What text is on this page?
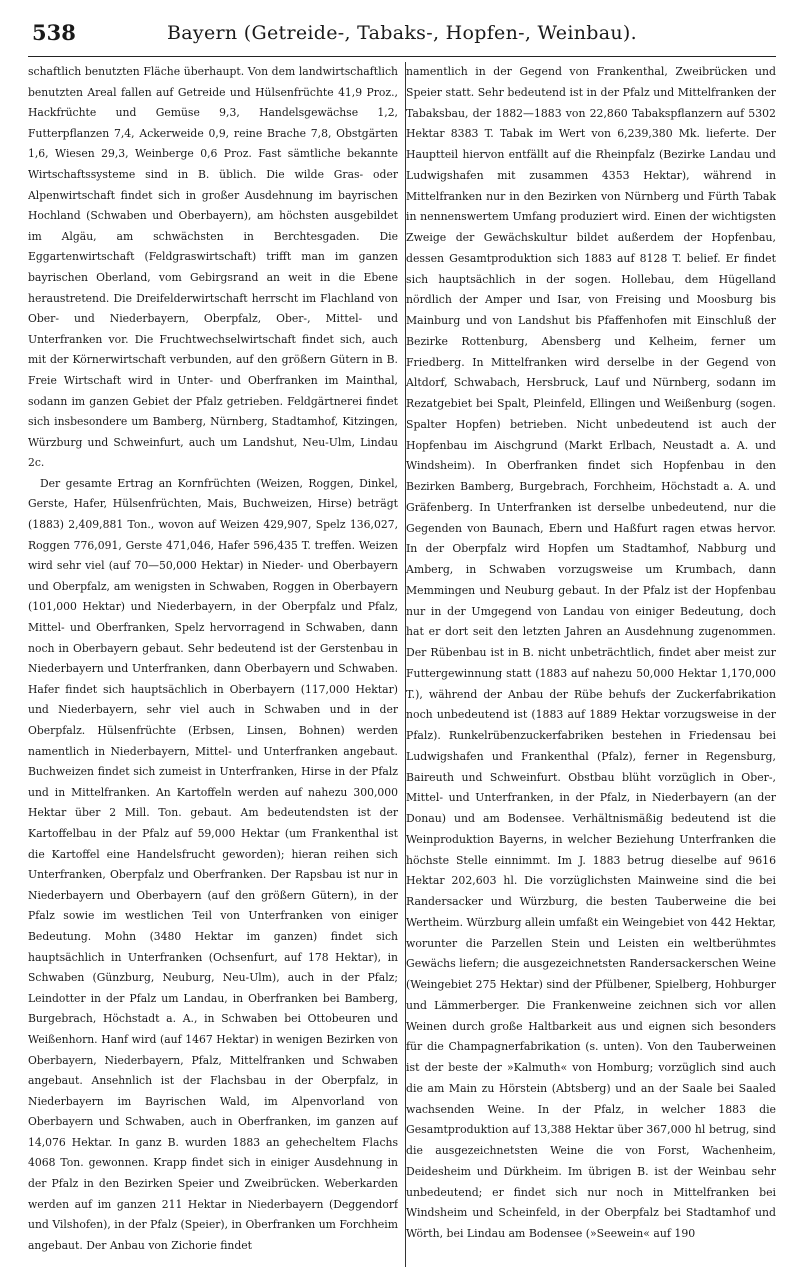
538	Bayern (Getreide-, Tabaks-, Hopfen-, Weinbau).

schaftlich benutzten Fläche überhaupt. Von dem landwirtschaftlich benutzten Areal fallen auf Getreide und Hülsenfrüchte 41,9 Proz., Hackfrüchte und Gemüse 9,3, Handelsgewächse 1,2, Futterpflanzen 7,4, Ackerweide 0,9, reine Brache 7,8, Obstgärten 1,6, Wiesen 29,3, Weinberge 0,6 Proz. Fast sämtliche bekannte Wirtschaftssysteme sind in B. üblich. Die wilde Gras- oder Alpenwirtschaft findet sich in großer Ausdehnung im bayrischen Hochland (Schwaben und Oberbayern), am höchsten ausgebildet im Algäu, am schwächsten in Berchtesgaden. Die Eggartenwirtschaft (Feldgraswirtschaft) trifft man im ganzen bayrischen Oberland, vom Gebirgsrand an weit in die Ebene heraustretend. Die Dreifelderwirtschaft herrscht im Flachland von Ober- und Niederbayern, Oberpfalz, Ober-, Mittel- und Unterfranken vor. Die Fruchtwechselwirtschaft findet sich, auch mit der Körnerwirtschaft verbunden, auf den größern Gütern in B. Freie Wirtschaft wird in Unter- und Oberfranken im Mainthal, sodann im ganzen Gebiet der Pfalz getrieben. Feldgärtnerei findet sich insbesondere um Bamberg, Nürnberg, Stadtamhof, Kitzingen, Würzburg und Schweinfurt, auch um Landshut, Neu-Ulm, Lindau 2c.

Der gesamte Ertrag an Kornfrüchten (Weizen, Roggen, Dinkel, Gerste, Hafer, Hülsenfrüchten, Mais, Buchweizen, Hirse) beträgt (1883) 2,409,881 Ton., wovon auf Weizen 429,907, Spelz 136,027, Roggen 776,091, Gerste 471,046, Hafer 596,435 T. treffen. Weizen wird sehr viel (auf 70—50,000 Hektar) in Nieder- und Oberbayern und Oberpfalz, am wenigsten in Schwaben, Roggen in Oberbayern (101,000 Hektar) und Niederbayern, in der Oberpfalz und Pfalz, Mittel- und Oberfranken, Spelz hervorragend in Schwaben, dann noch in Oberbayern gebaut. Sehr bedeutend ist der Gerstenbau in Niederbayern und Unterfranken, dann Oberbayern und Schwaben. Hafer findet sich hauptsächlich in Oberbayern (117,000 Hektar) und Niederbayern, sehr viel auch in Schwaben und in der Oberpfalz. Hülsenfrüchte (Erbsen, Linsen, Bohnen) werden namentlich in Niederbayern, Mittel- und Unterfranken angebaut. Buchweizen findet sich zumeist in Unterfranken, Hirse in der Pfalz und in Mittelfranken. An Kartoffeln werden auf nahezu 300,000 Hektar über 2 Mill. Ton. gebaut. Am bedeutendsten ist der Kartoffelbau in der Pfalz auf 59,000 Hektar (um Frankenthal ist die Kartoffel eine Handelsfrucht geworden); hieran reihen sich Unterfranken, Oberpfalz und Oberfranken. Der Rapsbau ist nur in Niederbayern und Oberbayern (auf den größern Gütern), in der Pfalz sowie im westlichen Teil von Unterfranken von einiger Bedeutung. Mohn (3480 Hektar im ganzen) findet sich hauptsächlich in Unterfranken (Ochsenfurt, auf 178 Hektar), in Schwaben (Günzburg, Neuburg, Neu-Ulm), auch in der Pfalz; Leindotter in der Pfalz um Landau, in Oberfranken bei Bamberg, Burgebrach, Höchstadt a. A., in Schwaben bei Ottobeuren und Weißenhorn. Hanf wird (auf 1467 Hektar) in wenigen Bezirken von Oberbayern, Niederbayern, Pfalz, Mittelfranken und Schwaben angebaut. Ansehnlich ist der Flachsbau in der Oberpfalz, in Niederbayern im Bayrischen Wald, im Alpenvorland von Oberbayern und Schwaben, auch in Oberfranken, im ganzen auf 14,076 Hektar. In ganz B. wurden 1883 an gehecheltem Flachs 4068 Ton. gewonnen. Krapp findet sich in einiger Ausdehnung in der Pfalz in den Bezirken Speier und Zweibrücken. Weberkarden werden auf im ganzen 211 Hektar in Niederbayern (Deggendorf und Vilshofen), in der Pfalz (Speier), in Oberfranken um Forchheim angebaut. Der Anbau von Zichorie findet

namentlich in der Gegend von Frankenthal, Zweibrücken und Speier statt. Sehr bedeutend ist in der Pfalz und Mittelfranken der Tabaksbau, der 1882—1883 von 22,860 Tabakspflanzern auf 5302 Hektar 8383 T. Tabak im Wert von 6,239,380 Mk. lieferte. Der Hauptteil hiervon entfällt auf die Rheinpfalz (Bezirke Landau und Ludwigshafen mit zusammen 4353 Hektar), während in Mittelfranken nur in den Bezirken von Nürnberg und Fürth Tabak in nennenswertem Umfang produziert wird. Einen der wichtigsten Zweige der Gewächskultur bildet außerdem der Hopfenbau, dessen Gesamtproduktion sich 1883 auf 8128 T. belief. Er findet sich hauptsächlich in der sogen. Hollebau, dem Hügelland nördlich der Amper und Isar, von Freising und Moosburg bis Mainburg und von Landshut bis Pfaffenhofen mit Einschluß der Bezirke Rottenburg, Abensberg und Kelheim, ferner um Friedberg. In Mittelfranken wird derselbe in der Gegend von Altdorf, Schwabach, Hersbruck, Lauf und Nürnberg, sodann im Rezatgebiet bei Spalt, Pleinfeld, Ellingen und Weißenburg (sogen. Spalter Hopfen) betrieben. Nicht unbedeutend ist auch der Hopfenbau im Aischgrund (Markt Erlbach, Neustadt a. A. und Windsheim). In Oberfranken findet sich Hopfenbau in den Bezirken Bamberg, Burgebrach, Forchheim, Höchstadt a. A. und Gräfenberg. In Unterfranken ist derselbe unbedeutend, nur die Gegenden von Baunach, Ebern und Haßfurt ragen etwas hervor. In der Oberpfalz wird Hopfen um Stadtamhof, Nabburg und Amberg, in Schwaben vorzugsweise um Krumbach, dann Memmingen und Neuburg gebaut. In der Pfalz ist der Hopfenbau nur in der Umgegend von Landau von einiger Bedeutung, doch hat er dort seit den letzten Jahren an Ausdehnung zugenommen. Der Rübenbau ist in B. nicht unbeträchtlich, findet aber meist zur Futtergewinnung statt (1883 auf nahezu 50,000 Hektar 1,170,000 T.), während der Anbau der Rübe behufs der Zuckerfabrikation noch unbedeutend ist (1883 auf 1889 Hektar vorzugsweise in der Pfalz). Runkelrübenzuckerfabriken bestehen in Friedensau bei Ludwigshafen und Frankenthal (Pfalz), ferner in Regensburg, Baireuth und Schweinfurt. Obstbau blüht vorzüglich in Ober-, Mittel- und Unterfranken, in der Pfalz, in Niederbayern (an der Donau) und am Bodensee. Verhältnismäßig bedeutend ist die Weinproduktion Bayerns, in welcher Beziehung Unterfranken die höchste Stelle einnimmt. Im J. 1883 betrug dieselbe auf 9616 Hektar 202,603 hl. Die vorzüglichsten Mainweine sind die bei Randersacker und Würzburg, die besten Tauberweine die bei Wertheim. Würzburg allein umfaßt ein Weingebiet von 442 Hektar, worunter die Parzellen Stein und Leisten ein weltberühmtes Gewächs liefern; die ausgezeichnetsten Randersackerschen Weine (Weingebiet 275 Hektar) sind der Pfülbener, Spielberg, Hohburger und Lämmerberger. Die Frankenweine zeichnen sich vor allen Weinen durch große Haltbarkeit aus und eignen sich besonders für die Champagnerfabrikation (s. unten). Von den Tauberweinen ist der beste der »Kalmuth« von Homburg; vorzüglich sind auch die am Main zu Hörstein (Abtsberg) und an der Saale bei Saaled wachsenden Weine. In der Pfalz, in welcher 1883 die Gesamtproduktion auf 13,388 Hektar über 367,000 hl betrug, sind die ausgezeichnetsten Weine die von Forst, Wachenheim, Deidesheim und Dürkheim. Im übrigen B. ist der Weinbau sehr unbedeutend; er findet sich nur noch in Mittelfranken bei Windsheim und Scheinfeld, in der Oberpfalz bei Stadtamhof und Wörth, bei Lindau am Bodensee (»Seewein« auf 190
